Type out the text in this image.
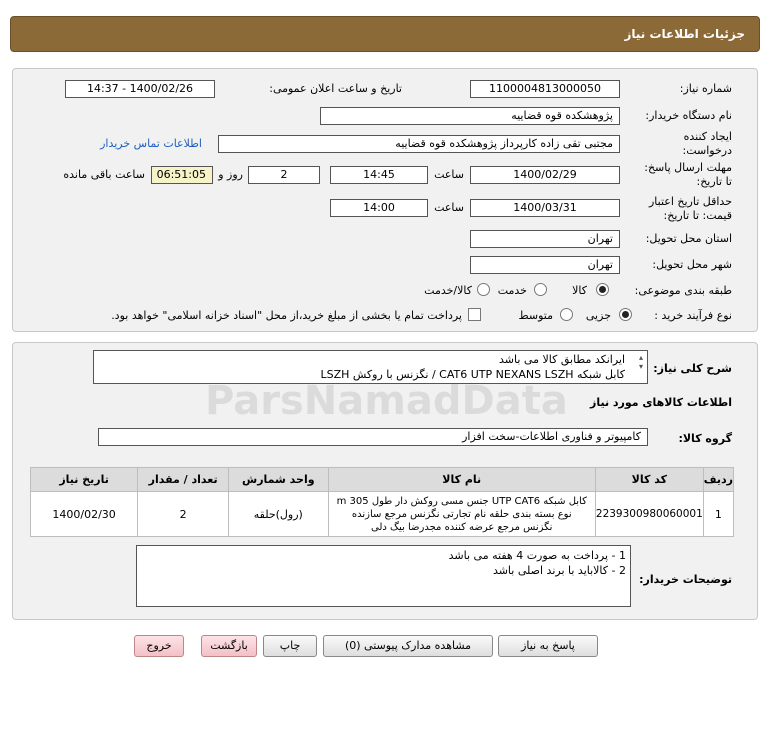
جزئیات اطلاعات نیاز
شماره نیاز:
1100004813000050
تاریخ و ساعت اعلان عمومی:
1400/02/26 - 14:37
نام دستگاه خریدار:
پژوهشکده قوه قضاییه
ایجاد کننده
درخواست:
مجتبی تقی زاده کارپرداز پژوهشکده قوه قضاییه
اطلاعات تماس خریدار
مهلت ارسال پاسخ:
تا تاریخ:
1400/02/29
ساعت
14:45
2
روز و
06:51:05
ساعت باقی مانده
حداقل تاریخ اعتبار
قیمت: تا تاریخ:
1400/03/31
ساعت
14:00
استان محل تحویل:
تهران
شهر محل تحویل:
تهران
طبقه بندی موضوعی:
کالا
خدمت
کالا/خدمت
نوع فرآیند خرید :
جزیی
متوسط
پرداخت تمام یا بخشی از مبلغ خرید،از محل "اسناد خزانه اسلامی" خواهد بود.
شرح کلی نیاز:
ایرانکد مطابق کالا می باشد
کابل شبکه CAT6 UTP NEXANS LSZH / نگزنس با روکش LSZH
▴
▾
اطلاعات کالاهای مورد نیاز
گروه کالا:
کامپیوتر و فناوری اطلاعات-سخت افزار
ردیف	کد کالا	نام کالا	واحد شمارش	تعداد / مقدار	تاریخ نیاز
1	2239300980060001	کابل شبکه UTP CAT6 جنس مسی روکش دار طول 305 m
نوع بسته بندی حلقه نام تجارتی نگزنس مرجع سازنده
نگزنس مرجع عرضه کننده مجدرضا بیگ دلی	(رول)حلقه	2	1400/02/30
توضیحات خریدار:
1 - پرداخت به صورت 4 هفته می باشد
2 - کالاباید با برند اصلی باشد
پاسخ به نیاز
مشاهده مدارک پیوستی (0)
چاپ
بازگشت
خروج
